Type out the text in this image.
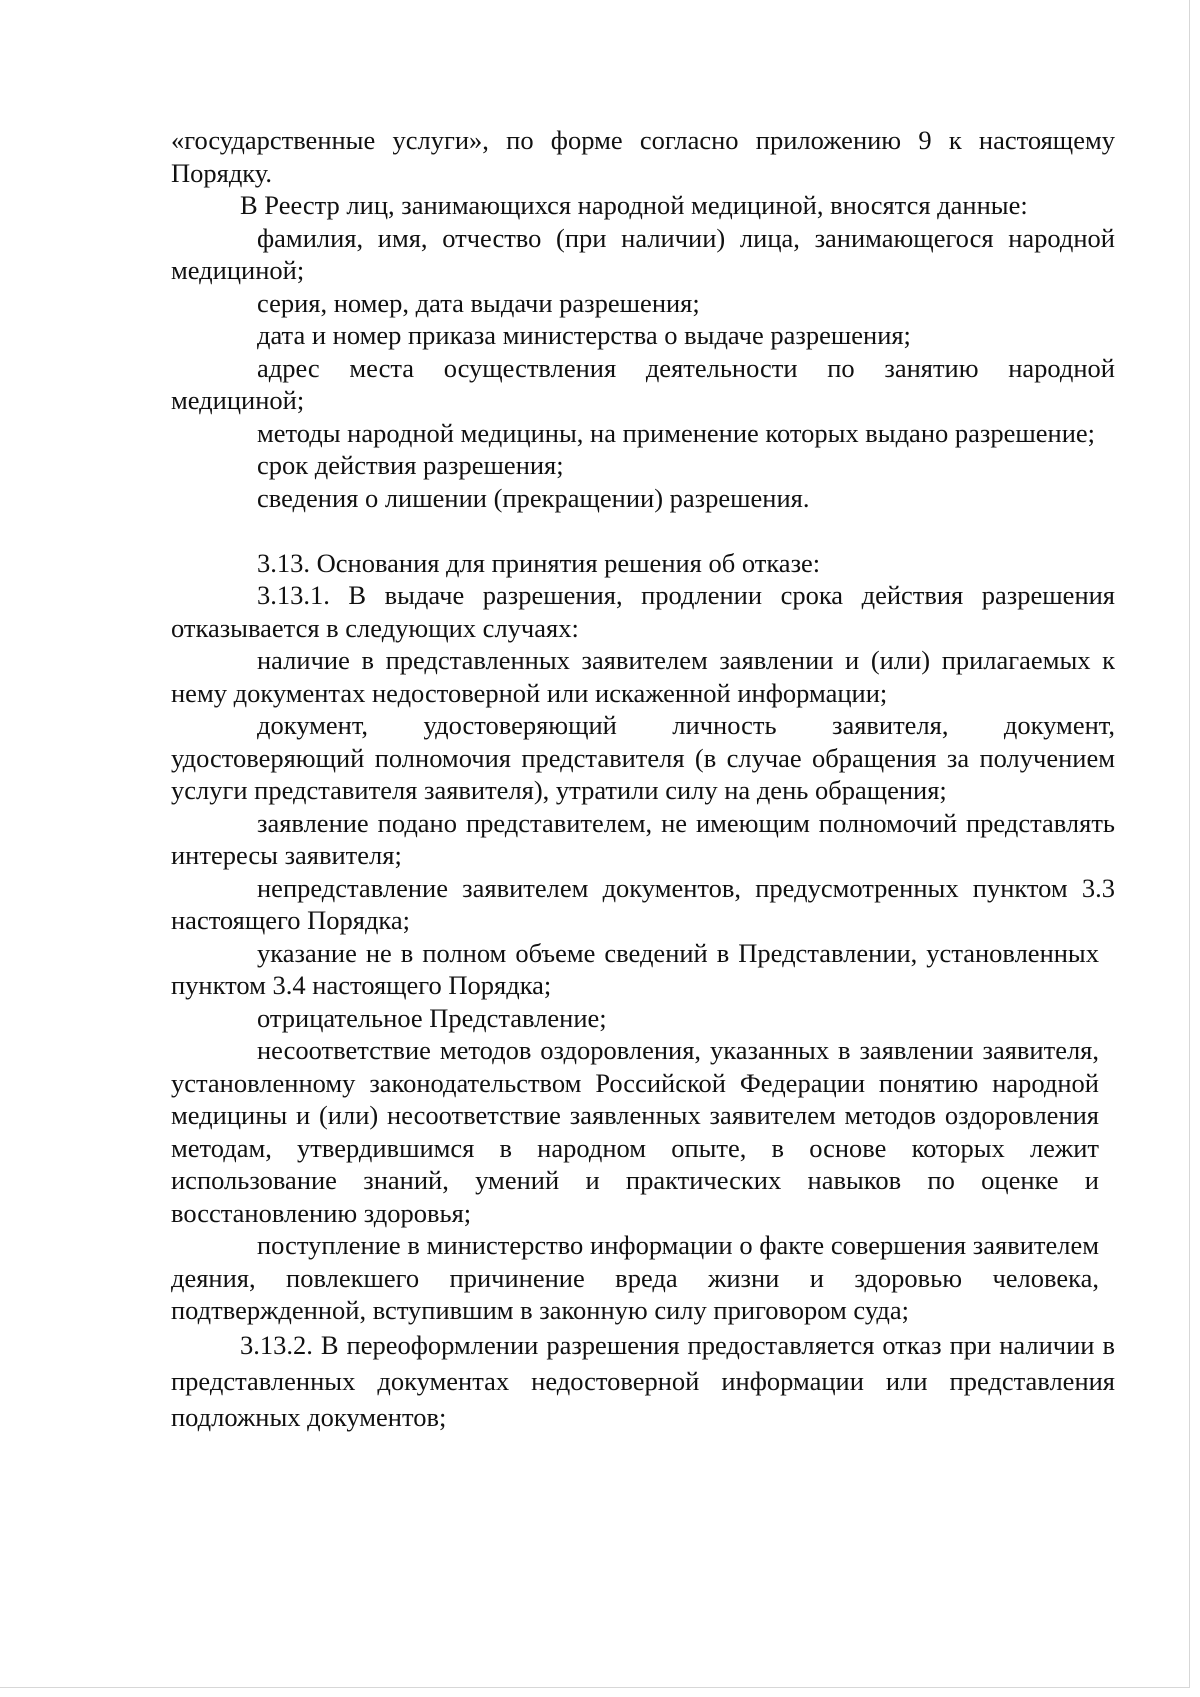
«государственные услуги», по форме согласно приложению 9 к настоящему Порядку.

В Реестр лиц, занимающихся народной медициной, вносятся данные:

фамилия, имя, отчество (при наличии) лица, занимающегося народной медициной;

серия, номер, дата выдачи разрешения;

дата и номер приказа министерства о выдаче разрешения;

адрес места осуществления деятельности по занятию народной медициной;

методы народной медицины, на применение которых выдано разрешение;

срок действия разрешения;

сведения о лишении (прекращении) разрешения.

3.13. Основания для принятия решения об отказе:

3.13.1. В выдаче разрешения, продлении срока действия разрешения отказывается в следующих случаях:

наличие в представленных заявителем заявлении и (или) прилагаемых к нему документах недостоверной или искаженной информации;

документ, удостоверяющий личность заявителя, документ, удостоверяющий полномочия представителя (в случае обращения за получением услуги представителя заявителя), утратили силу на день обращения;

заявление подано представителем, не имеющим полномочий представлять интересы заявителя;

непредставление заявителем документов, предусмотренных пунктом 3.3 настоящего Порядка;

указание не в полном объеме сведений в Представлении, установленных пунктом 3.4 настоящего Порядка;

отрицательное Представление;

несоответствие методов оздоровления, указанных в заявлении заявителя, установленному законодательством Российской Федерации понятию народной медицины и (или) несоответствие заявленных заявителем методов оздоровления методам, утвердившимся в народном опыте, в основе которых лежит использование знаний, умений и практических навыков по оценке и восстановлению здоровья;

поступление в министерство информации о факте совершения заявителем деяния, повлекшего причинение вреда жизни и здоровью человека, подтвержденной, вступившим в законную силу приговором суда;

3.13.2. В переоформлении разрешения предоставляется отказ при наличии в представленных документах недостоверной информации или представления подложных документов;
